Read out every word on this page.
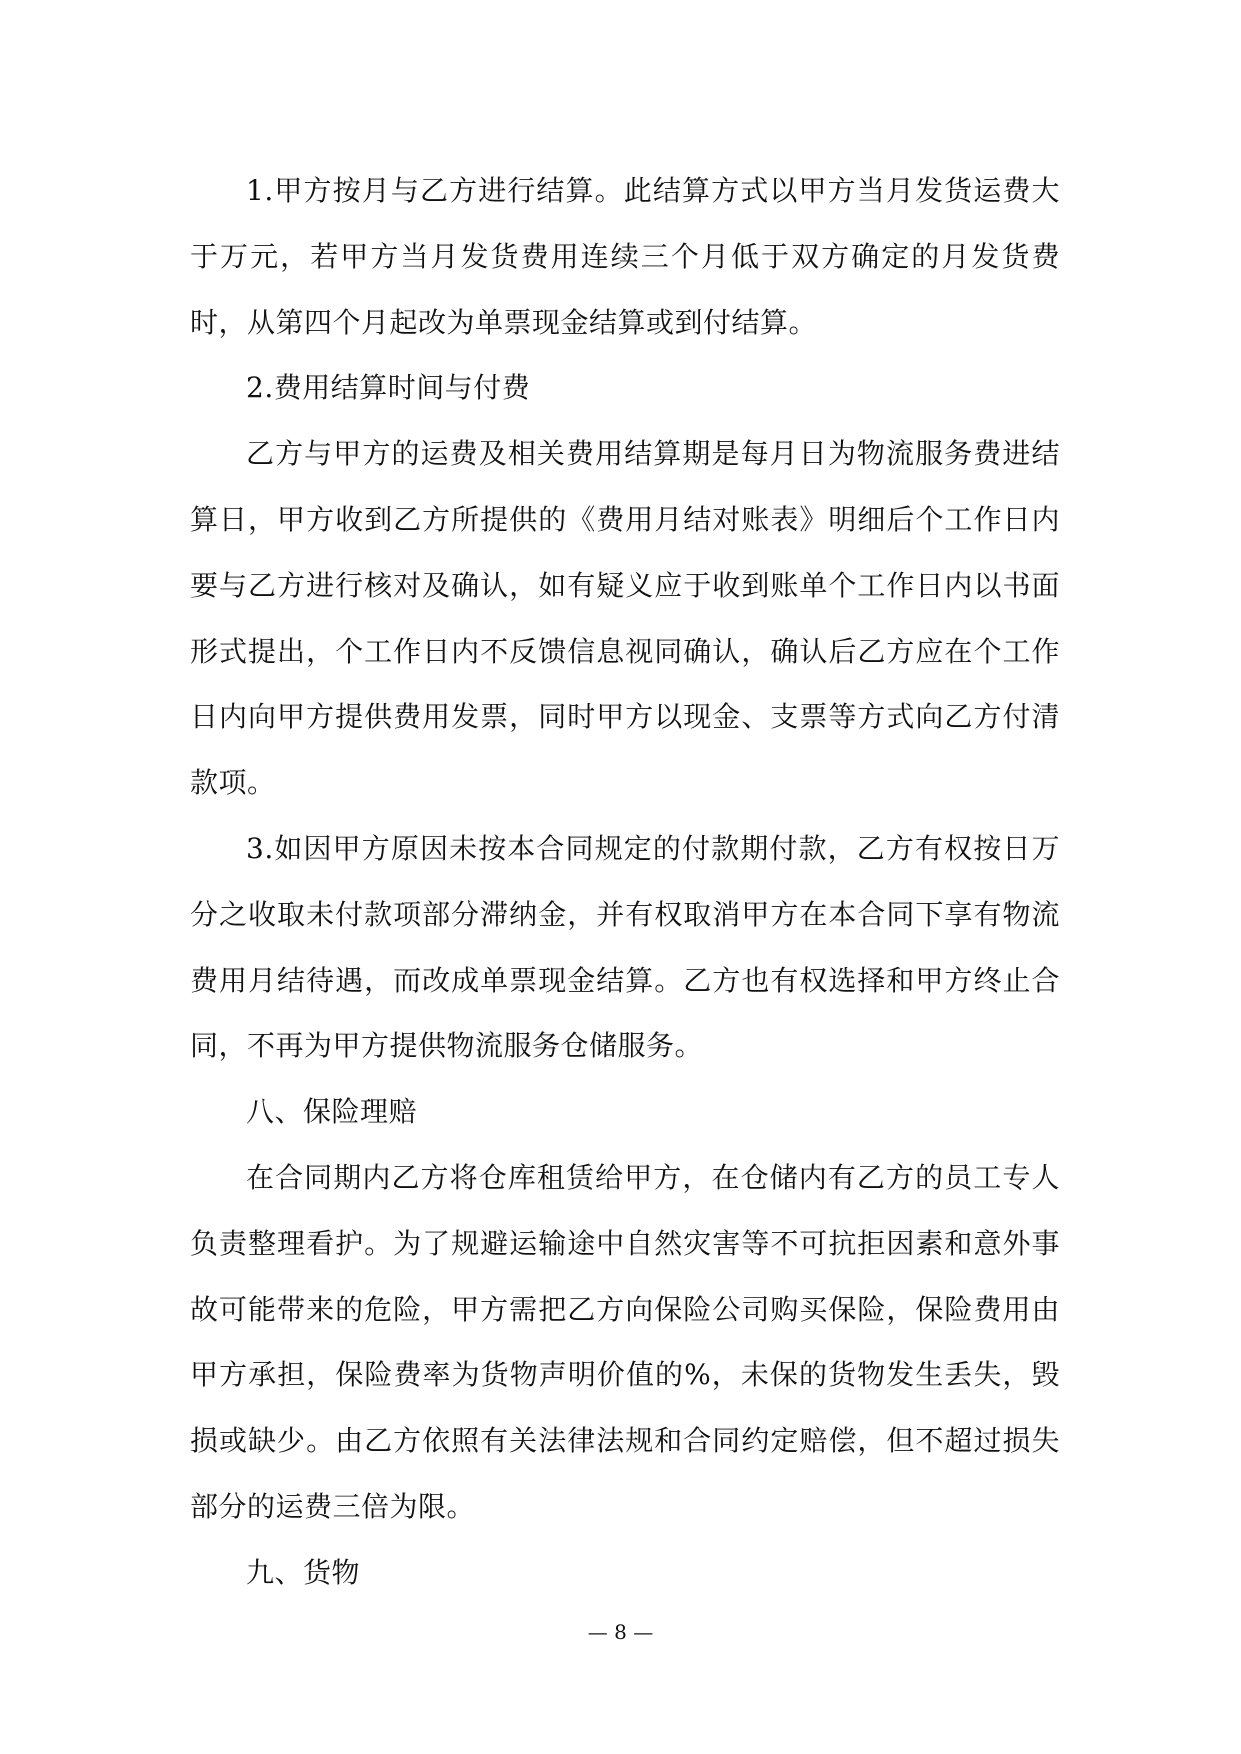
1.甲方按月与乙方进行结算。此结算方式以甲方当月发货运费大于万元，若甲方当月发货费用连续三个月低于双方确定的月发货费时，从第四个月起改为单票现金结算或到付结算。

2.费用结算时间与付费

乙方与甲方的运费及相关费用结算期是每月日为物流服务费进结算日，甲方收到乙方所提供的《费用月结对账表》明细后个工作日内要与乙方进行核对及确认，如有疑义应于收到账单个工作日内以书面形式提出，个工作日内不反馈信息视同确认，确认后乙方应在个工作日内向甲方提供费用发票，同时甲方以现金、支票等方式向乙方付清款项。

3.如因甲方原因未按本合同规定的付款期付款，乙方有权按日万分之收取未付款项部分滞纳金，并有权取消甲方在本合同下享有物流费用月结待遇，而改成单票现金结算。乙方也有权选择和甲方终止合同，不再为甲方提供物流服务仓储服务。

八、保险理赔

在合同期内乙方将仓库租赁给甲方，在仓储内有乙方的员工专人负责整理看护。为了规避运输途中自然灾害等不可抗拒因素和意外事故可能带来的危险，甲方需把乙方向保险公司购买保险，保险费用由甲方承担，保险费率为货物声明价值的%，未保的货物发生丢失，毁损或缺少。由乙方依照有关法律法规和合同约定赔偿，但不超过损失部分的运费三倍为限。

九、货物

— 8 —
